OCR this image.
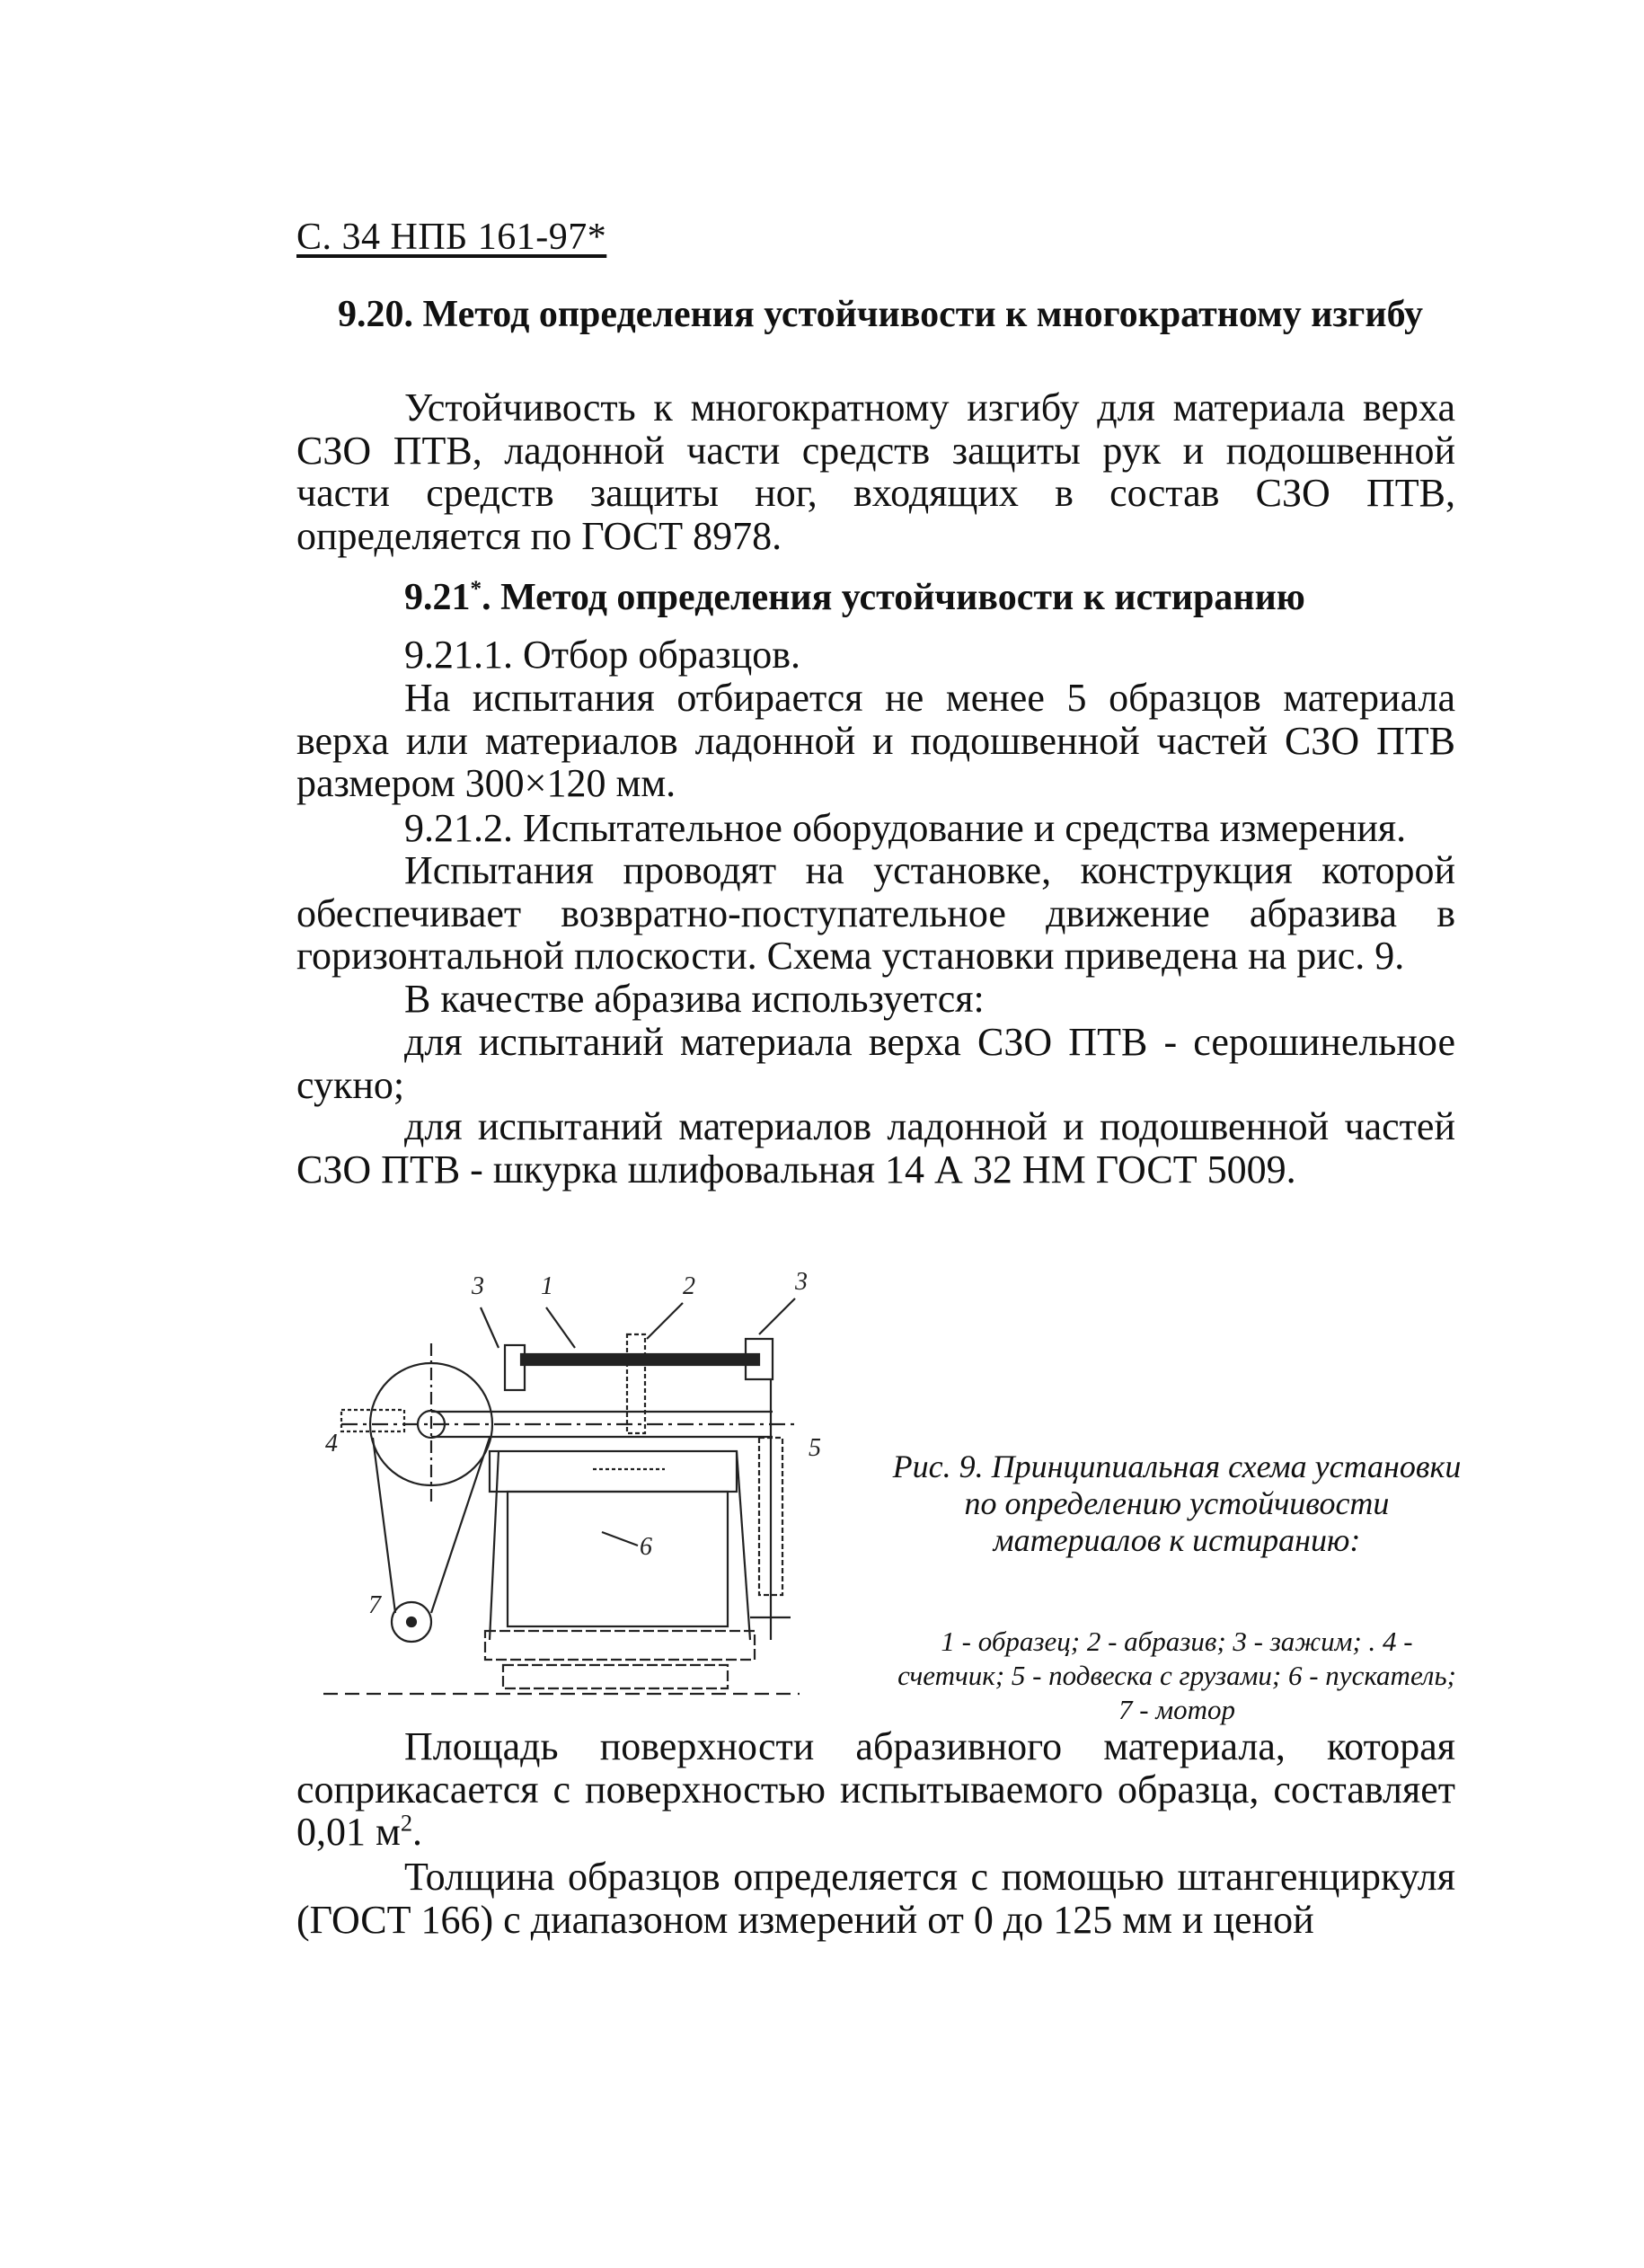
С. 34 НПБ 161-97*
9.20. Метод определения устойчивости к многократному изгибу
Устойчивость к многократному изгибу для материала верха СЗО ПТВ, ладонной части средств защиты рук и подошвенной части средств защиты ног, входящих в состав СЗО ПТВ, определяется по ГОСТ 8978.
9.21*. Метод определения устойчивости к истиранию
9.21.1. Отбор образцов.
На испытания отбирается не менее 5 образцов материала верха или материалов ладонной и подошвенной частей СЗО ПТВ размером 300×120 мм.
9.21.2. Испытательное оборудование и средства измерения.
Испытания проводят на установке, конструкция которой обеспечивает возвратно-поступательное движение абразива в горизонтальной плоскости. Схема установки приведена на рис. 9.
В качестве абразива используется:
для испытаний материала верха СЗО ПТВ - серошинельное сукно;
для испытаний материалов ладонной и подошвенной частей СЗО ПТВ - шкурка шлифовальная 14 А 32 НМ ГОСТ 5009.
3 1	2	3
4	5
6
7
Рис. 9. Принципиальная схема установки по определению устойчивости материалов к истиранию:
1 - образец; 2 - абразив; 3 - зажим; . 4 - счетчик; 5 - подвеска с грузами; 6 - пускатель; 7 - мотор
Площадь поверхности абразивного материала, которая соприкасается с поверхностью испытываемого образца, составляет 0,01 $м^2$.
Толщина образцов определяется с помощью штангенциркуля (ГОСТ 166) с диапазоном измерений от 0 до 125 мм и ценой
